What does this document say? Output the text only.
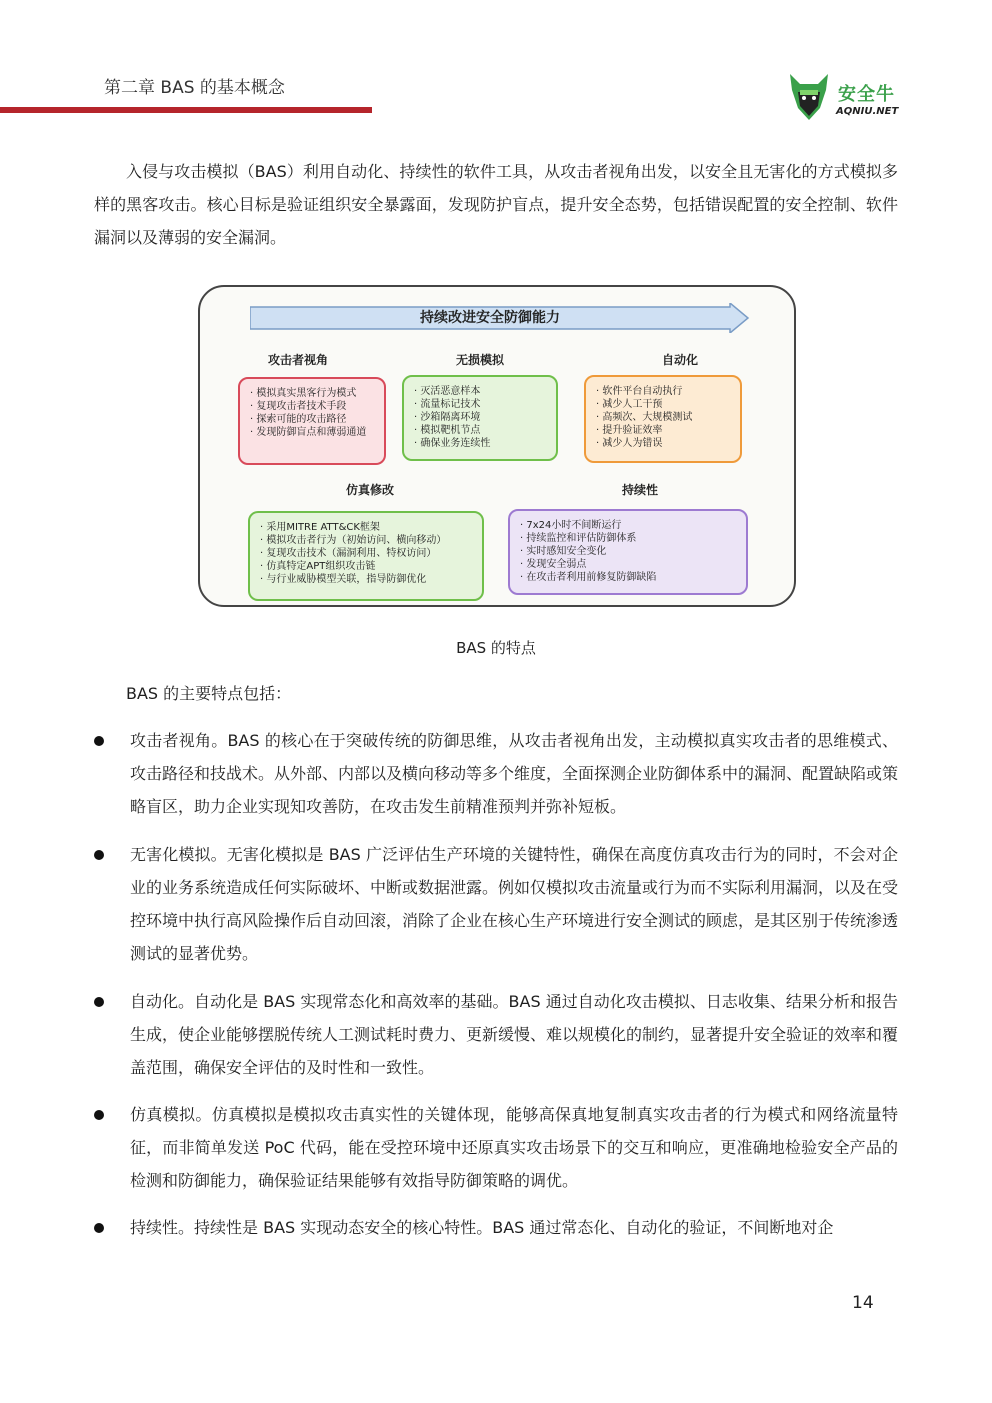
第二章 BAS 的基本概念	安全牛
AQNIU.NET
入侵与攻击模拟（BAS）利用自动化、持续性的软件工具，从攻击者视角出发，以安全且无害化的方式模拟多样的黑客攻击。核心目标是验证组织安全暴露面，发现防护盲点，提升安全态势，包括错误配置的安全控制、软件漏洞以及薄弱的安全漏洞。
持续改进安全防御能力
攻击者视角	无损模拟	自动化
· 模拟真实黑客行为模式
· 复现攻击者技术手段
· 探索可能的攻击路径
· 发现防御盲点和薄弱通道
· 灭活恶意样本
· 流量标记技术
· 沙箱隔离环境
· 模拟靶机节点
· 确保业务连续性
· 软件平台自动执行
· 减少人工干预
· 高频次、大规模测试
· 提升验证效率
· 减少人为错误
仿真修改	持续性
· 采用MITRE ATT&CK框架
· 模拟攻击者行为（初始访问、横向移动）
· 复现攻击技术（漏洞利用、特权访问）
· 仿真特定APT组织攻击链
· 与行业威胁模型关联，指导防御优化
· 7x24小时不间断运行
· 持续监控和评估防御体系
· 实时感知安全变化
· 发现安全弱点
· 在攻击者利用前修复防御缺陷
BAS 的特点
BAS 的主要特点包括：
攻击者视角。BAS 的核心在于突破传统的防御思维，从攻击者视角出发，主动模拟真实攻击者的思维模式、攻击路径和技战术。从外部、内部以及横向移动等多个维度，全面探测企业防御体系中的漏洞、配置缺陷或策略盲区，助力企业实现知攻善防，在攻击发生前精准预判并弥补短板。
无害化模拟。无害化模拟是 BAS 广泛评估生产环境的关键特性，确保在高度仿真攻击行为的同时，不会对企业的业务系统造成任何实际破坏、中断或数据泄露。例如仅模拟攻击流量或行为而不实际利用漏洞，以及在受控环境中执行高风险操作后自动回滚，消除了企业在核心生产环境进行安全测试的顾虑，是其区别于传统渗透测试的显著优势。
自动化。自动化是 BAS 实现常态化和高效率的基础。BAS 通过自动化攻击模拟、日志收集、结果分析和报告生成，使企业能够摆脱传统人工测试耗时费力、更新缓慢、难以规模化的制约，显著提升安全验证的效率和覆盖范围，确保安全评估的及时性和一致性。
仿真模拟。仿真模拟是模拟攻击真实性的关键体现，能够高保真地复制真实攻击者的行为模式和网络流量特征，而非简单发送 PoC 代码，能在受控环境中还原真实攻击场景下的交互和响应，更准确地检验安全产品的检测和防御能力，确保验证结果能够有效指导防御策略的调优。
持续性。持续性是 BAS 实现动态安全的核心特性。BAS 通过常态化、自动化的验证，不间断地对企
14
